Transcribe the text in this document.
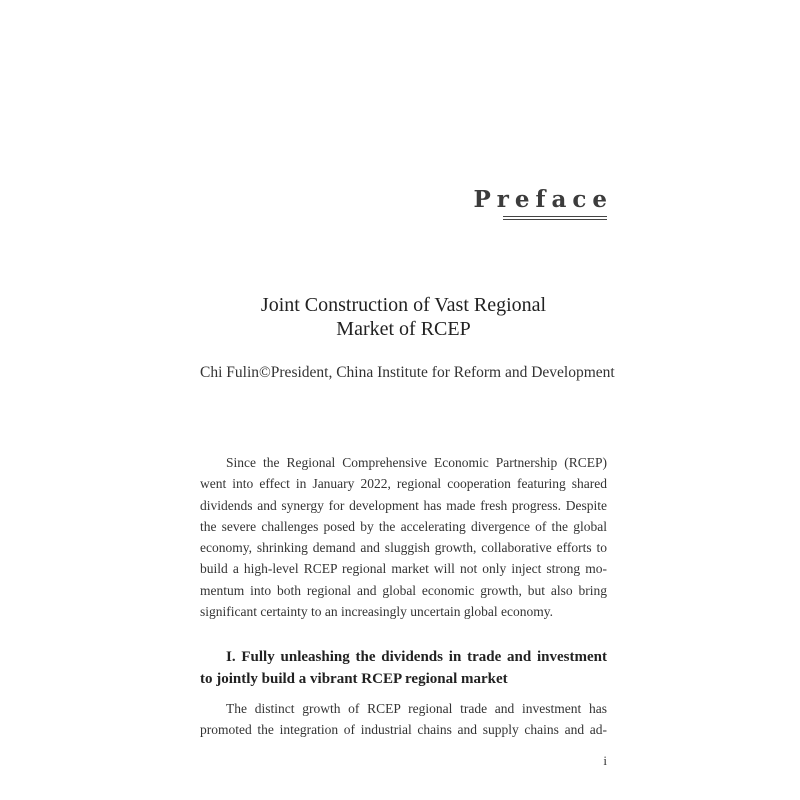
Preface
Joint Construction of Vast Regional
Market of RCEP
Chi Fulin©President, China Institute for Reform and Development
Since the Regional Comprehensive Economic Partnership (RCEP)
went into effect in January 2022, regional cooperation featuring shared
dividends and synergy for development has made fresh progress. Despite
the severe challenges posed by the accelerating divergence of the global
economy, shrinking demand and sluggish growth, collaborative efforts to
build a high-level RCEP regional market will not only inject strong mo-
mentum into both regional and global economic growth, but also bring
significant certainty to an increasingly uncertain global economy.
I. Fully unleashing the dividends in trade and investment
to jointly build a vibrant RCEP regional market
The distinct growth of RCEP regional trade and investment has
promoted the integration of industrial chains and supply chains and ad-
i
